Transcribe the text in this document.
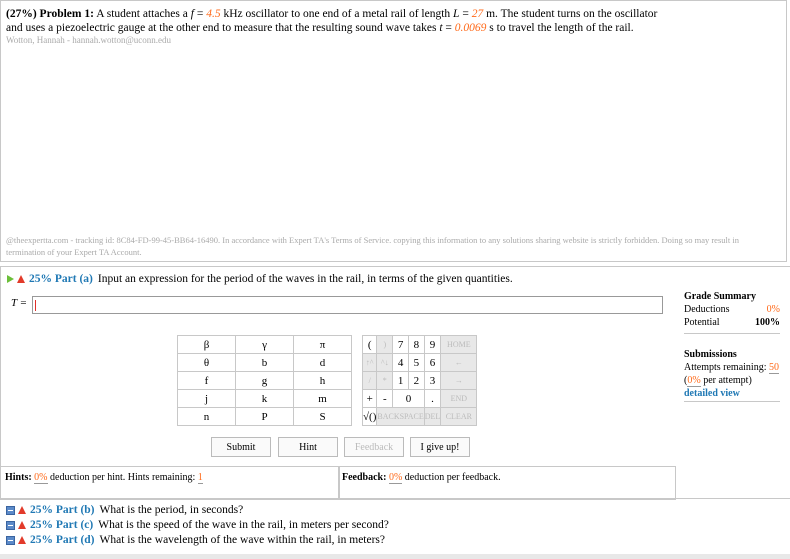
(27%) Problem 1: A student attaches a f = 4.5 kHz oscillator to one end of a metal rail of length L = 27 m. The student turns on the oscillator
and uses a piezoelectric gauge at the other end to measure that the resulting sound wave takes t = 0.0069 s to travel the length of the rail.
Wotton, Hannah - hannah.wotton@uconn.edu
@theexpertta.com - tracking id: 8C84-FD-99-45-BB64-16490. In accordance with Expert TA's Terms of Service. copying this information to any solutions sharing website is strictly forbidden. Doing so may result in termination of your Expert TA Account.
25% Part (a) Input an expression for the period of the waves in the rail, in terms of the given quantities.
T =
β	γ	π
θ	b	d
f	g	h
j	k	m
n	P	S
(	)	7	8	9	HOME
↑^	^↓	4	5	6	←
/	*	1	2	3	→
+	-	0		.	END
√()	BACKSPACE			DEL	CLEAR
Submit	Hint	Feedback	I give up!
Hints: 0% deduction per hint. Hints remaining: 1	Feedback: 0% deduction per feedback.
Grade Summary
Deductions	0%
Potential	100%
Submissions
Attempts remaining: 50
(0% per attempt)
detailed view
25% Part (b) What is the period, in seconds?
25% Part (c) What is the speed of the wave in the rail, in meters per second?
25% Part (d) What is the wavelength of the wave within the rail, in meters?
